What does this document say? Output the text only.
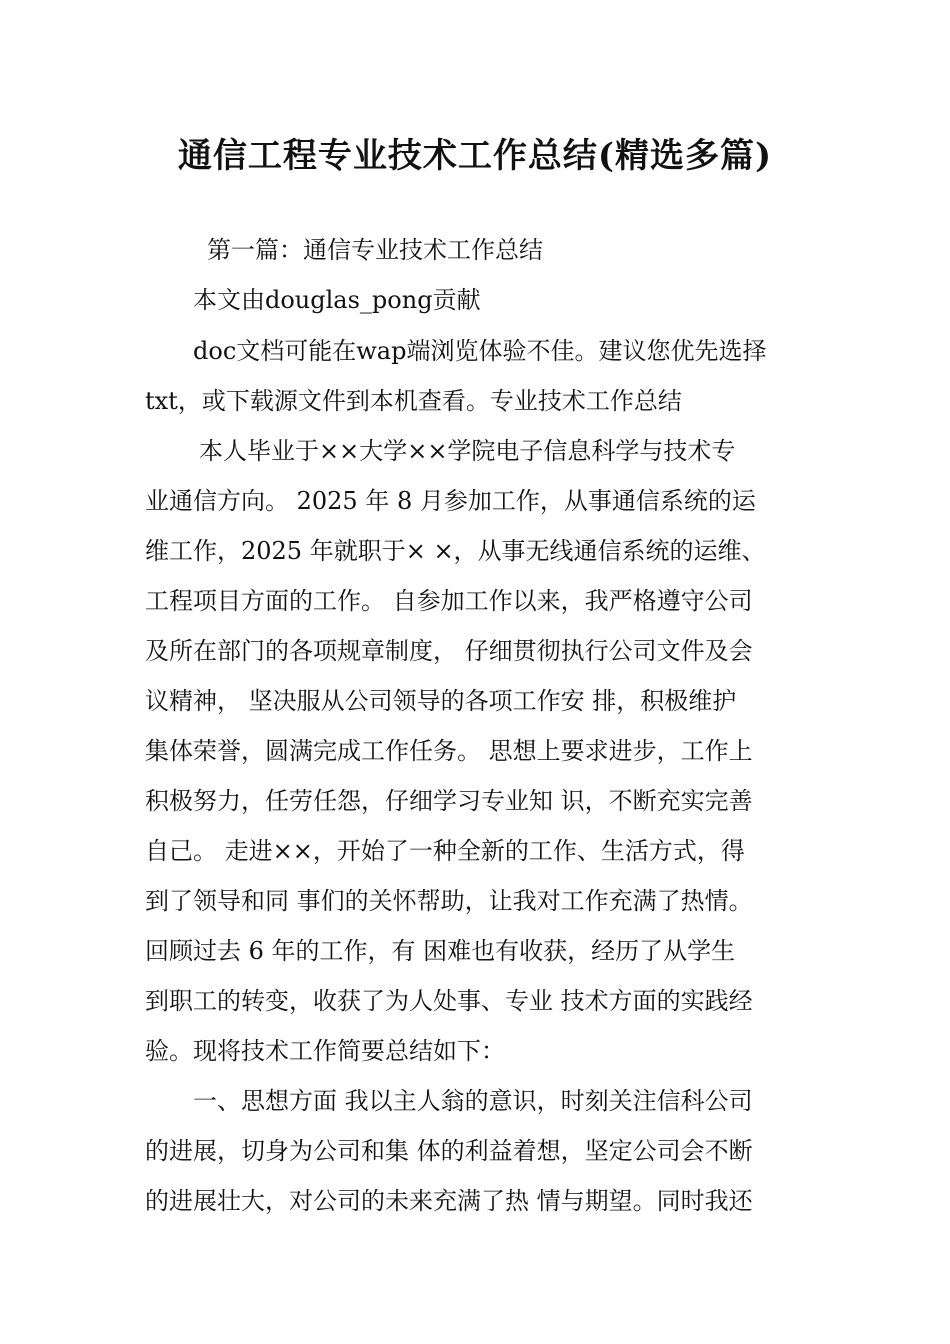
通信工程专业技术工作总结(精选多篇)
第一篇：通信专业技术工作总结
本文由douglas_pong贡献
doc文档可能在wap端浏览体验不佳。建议您优先选择
txt，或下载源文件到本机查看。专业技术工作总结
本人毕业于××大学××学院电子信息科学与技术专
业通信方向。 2025 年 8 月参加工作，从事通信系统的运
维工作，2025 年就职于× ×，从事无线通信系统的运维、
工程项目方面的工作。 自参加工作以来，我严格遵守公司
及所在部门的各项规章制度， 仔细贯彻执行公司文件及会
议精神， 坚决服从公司领导的各项工作安 排，积极维护
集体荣誉，圆满完成工作任务。 思想上要求进步，工作上
积极努力，任劳任怨，仔细学习专业知 识，不断充实完善
自己。 走进××，开始了一种全新的工作、生活方式，得
到了领导和同 事们的关怀帮助，让我对工作充满了热情。
回顾过去 6 年的工作，有 困难也有收获，经历了从学生
到职工的转变，收获了为人处事、专业 技术方面的实践经
验。现将技术工作简要总结如下：
一、思想方面 我以主人翁的意识，时刻关注信科公司
的进展，切身为公司和集 体的利益着想，坚定公司会不断
的进展壮大，对公司的未来充满了热 情与期望。同时我还
